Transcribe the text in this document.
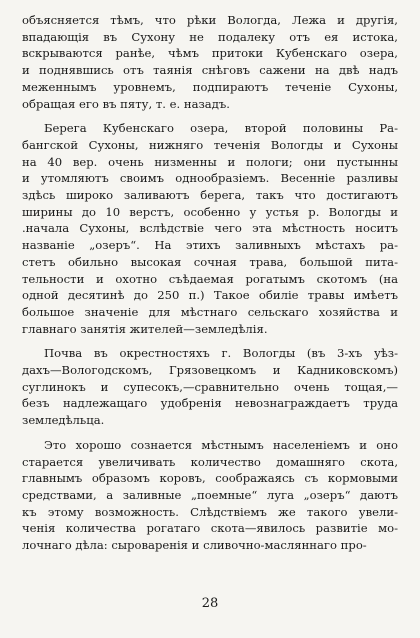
объясняется тѣмъ, что рѣки Вологда, Лежа и другія,
впадающія въ Сухону не подалеку отъ ея истока,
вскрываются ранѣе, чѣмъ притоки Кубенскаго озера,
и поднявшись отъ таянія снѣговъ сажени на двѣ надъ
меженнымъ уровнемъ, подпираютъ теченіе Сухоны,
обращая его въ пяту, т. е. назадъ.

Берега Кубенскаго озера, второй половины Ра-
бангской Сухоны, нижняго теченія Вологды и Сухоны
на 40 вер. очень низменны и пологи; они пустынны
и утомляютъ своимъ однообразіемъ. Весеннiе разливы
здѣсь широко заливаютъ берега, такъ что достигаютъ
ширины до 10 верстъ, особенно у устья р. Вологды и
.начала Сухоны, вслѣдствіе чего эта мѣстность носитъ
названіе „озеръ“. На этихъ заливныхъ мѣстахъ ра-
стетъ обильно высокая сочная трава, большой пита-
тельности и охотно съѣдаемая рогатымъ скотомъ (на
одной десятинѣ до 250 п.) Такое обиліе травы имѣетъ
большое значеніе для мѣстнаго сельскаго хозяйства и
главнаго занятія жителей—земледѣлія.

Почва въ окрестностяхъ г. Вологды (въ 3-хъ уѣз-
дахъ—Вологодскомъ, Грязовецкомъ и Кадниковскомъ)
суглинокъ и супесокъ,—сравнительно очень тощая,—
безъ надлежащаго удобренія невознаграждаетъ труда
земледѣльца.

Это хорошо сознается мѣстнымъ населеніемъ и оно
старается увеличивать количество домашняго скота,
главнымъ образомъ коровъ, соображаясь съ кормовыми
средствами, а заливные „поемные“ луга „озеръ“ даютъ
къ этому возможность. Слѣдствіемъ же такого увели-
ченія количества рогатаго скота—явилось развитіе мо-
лочнаго дѣла: сыроваренія и сливочно-масляннаго про-

28
